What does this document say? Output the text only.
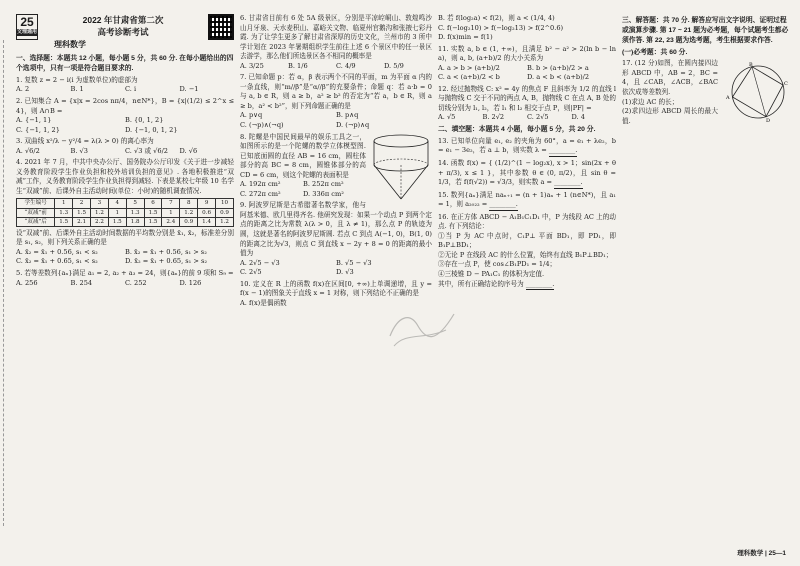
25
文理通用
2022 年甘肃省第二次
高考诊断考试
理科数学
一、选择题：本题共 12 小题，每小题 5 分，共 60 分. 在每小题给出的四个选项中，只有一项是符合题目要求的.
1. 复数 z = 2 − i(i 为虚数单位)的虚部为
A. 2	B. 1	C. i	D. −1
2. 已知集合 A = {x|x = 2cos nπ/4，n∈N*}，B = {x|(1/2) ≤ 2^x ≤ 4}，则 A∩B =
A. {−1, 1}	B. {0, 1, 2}
C. {−1, 1, 2}	D. {−1, 0, 1, 2}
3. 双曲线 x²/λ − y²/4 = λ(λ > 0) 的离心率为
A. √6/2	B. √3	C. √3 或 √6/2	D. √6
4. 2021 年 7 月，中共中央办公厅、国务院办公厅印发《关于进一步减轻义务教育阶段学生作业负担和校外培训负担的意见》. 各地积极推进“双减”工作，义务教育阶段学生作业负担得到减轻. 下表是某校七年级 10 名学生“双减”前、后课外自主活动时间(单位：小时)的随机调查情况.
学生编号	1	2	3	4	5	6	7	8	9	10
“双减”前	1.3	1.5	1.2	1	1.3	1.5	1	1.2	0.6	0.9
“双减”后	1.5	2.1	2.2	1.5	1.8	1.5	2.4	0.9	1.4	1.2
设“双减”前、后课外自主活动时间数据的平均数分别是 x̄₁, x̄₂，标准差分别是 s₁, s₂，则下列关系正确的是
A. x̄₂ = x̄₁ + 0.56, s₁ < s₂	B. x̄₂ = x̄₁ + 0.56, s₁ > s₂
C. x̄₂ = x̄₁ + 0.65, s₁ < s₂	D. x̄₂ = x̄₁ + 0.65, s₁ > s₂
5. 若等差数列{aₙ}满足 a₁ = 2, a₂ + a₃ = 24，则{aₙ}的前 9 项和 S₉ =
A. 256	B. 254	C. 252	D. 126
6. 甘肃省目前有 6 处 5A 级景区，分别是平凉崆峒山、敦煌鸣沙山月牙泉、天水麦积山、嘉峪关文物、临夏州官鹅沟和张掖七彩丹霞. 为了让学生更多了解甘肃省深厚的历史文化，兰州市的 3 所中学计划在 2023 年暑期组织学生前往上述 6 个景区中的任一景区去游学，那么他们所选景区各不相同的概率是
A. 3/25	B. 1/6	C. 4/9	D. 5/9
7. 已知命题 p：若 α，β 表示两个不同的平面，m 为平面 α 内的一条直线，则“m//β”是“α//β”的充要条件；命题 q：若 a·b = 0 与 a, b ∈ R，则 a ≥ b，a² ≥ b² 的否定为“若 a，b ∈ R，则 a ≥ b，a² < b²”，则下列命题正确的是
A. p∨q	B. p∧q
C. (¬p)∧(¬q)	D. (¬p)∧q
8. 陀螺是中国民间最早的娱乐工具之一，如图所示的是一个陀螺的数学立体模型图. 已知底面圆的直径 AB = 16 cm，圆柱体部分的高 BC = 8 cm，圆锥体部分的高 CD = 6 cm，则这个陀螺的表面积是
A. 192π cm²	B. 252π cm²
C. 272π cm²	D. 336π cm²
9. 阿波罗尼斯是古希腊著名数学家，他与阿基米德、欧几里得齐名. 他研究发现：如果一个动点 P 到两个定点的距离之比为常数 λ(λ > 0，且 λ ≠ 1)，那么点 P 的轨迹为圆，这就是著名的阿波罗尼斯圆. 若点 C 到点 A(−1, 0)，B(1, 0)的距离之比为√3，则点 C 到直线 x − 2y + 8 = 0 的距离的最小值为
A. 2√5 − √3	B. √5 − √3
C. 2√5	D. √3
10. 定义在 R 上的函数 f(x)在区间[0, +∞)上单调递增，且 y = f(x − 1)的图象关于直线 x = 1 对称，则下列结论不正确的是
A. f(x)是偶函数
B. 若 f(log₂a) < f(2)，则 a < (1/4, 4)
C. f(−log₂10) > f(−log₂13) > f(2^0.6)
D. f(x)min = f(1)
11. 实数 a, b ∈ (1, +∞)，且满足 b² − a² > 2(ln b − ln a)，则 a, b, (a+b)/2 的大小关系为
A. a > b > (a+b)/2	B. b > (a+b)/2 > a
C. a < (a+b)/2 < b	D. a < b < (a+b)/2
12. 经过抛物线 C: x² = 4y 的焦点 F 且斜率为 1/2 的直线 l 与抛物线 C 交于不同的两点 A, B，抛物线 C 在点 A, B 处的切线分别为 l₁, l₂，若 l₁ 和 l₂ 相交于点 P，则|PF| =
A. √5	B. 2√2	C. 2√5	D. 4
二、填空题：本题共 4 小题，每小题 5 分，共 20 分.
13. 已知单位向量 e₁, e₂ 的夹角为 60°，a = e₁ + λe₂，b = e₁ − 3e₂，若 a ⊥ b，则实数 λ = ________.
14. 函数 f(x) = { (1/2)^(1 − log₂x), x > 1；sin(2x + θ + π/3), x ≤ 1 }，其中参数 θ ∈ (0, π/2)，且 sin θ = 1/3，若 f(f(√2)) = √3/3，则实数 a = ________.
15. 数列{aₙ}满足 naₙ₊₁ = (n + 1)aₙ + 1 (n∈N*)，且 a₁ = 1，则 a₂₀₂₂ = ________.
16. 在正方体 ABCD − A₁B₁C₁D₁ 中，P 为线段 AC 上的动点. 有下列结论：
①当 P 为 AC 中点时，C₁P⊥ 平面 BD₁，即 PD₁，即 B₁P⊥BD₁；
②无论 P 在线段 AC 的什么位置，始终有直线 B₁P⊥BD₁；
③存在一点 P，使 cos∠B₁PD₁ = 1/4；
④三棱锥 D − PA₁C₁ 的体积为定值.
其中，所有正确结论的序号为 ________.
三、解答题：共 70 分. 解答应写出文字说明、证明过程或演算步骤. 第 17 ~ 21 题为必考题，每个试题考生都必须作答. 第 22, 23 题为选考题，考生根据要求作答.
(一)必考题：共 60 分.
B
C
D
A
17. (12 分)如图，在圆内接四边形 ABCD 中，AB = 2，BC = 4，且 ∠CAB，∠ACB，∠BAC 依次成等差数列.
(1)求边 AC 的长；
(2)求四边形 ABCD 周长的最大值.
理科数学 | 25—1
